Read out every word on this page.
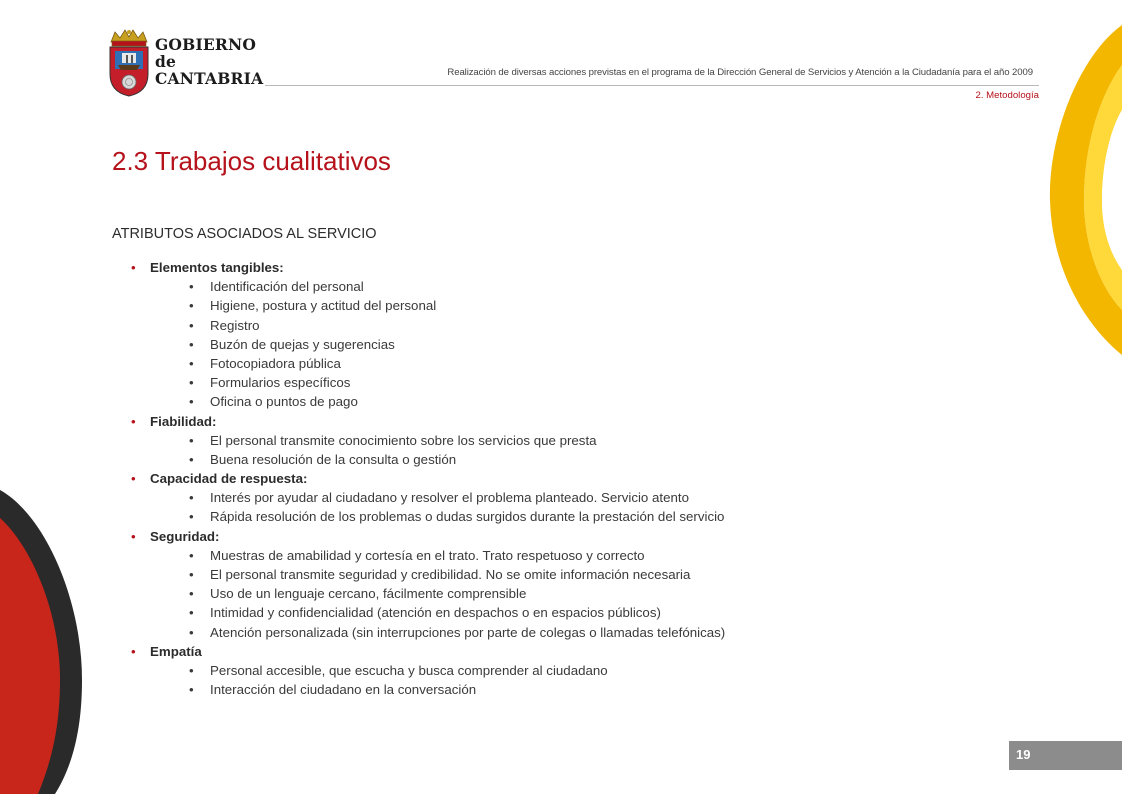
GOBIERNO
de
CANTABRIA	Realización de diversas acciones previstas en el programa de la Dirección General de Servicios y Atención a la Ciudadanía para el año 2009
2. Metodología
2.3 Trabajos cualitativos
ATRIBUTOS ASOCIADOS AL SERVICIO
• Elementos tangibles:
• Identificación del personal
• Higiene, postura y actitud del personal
• Registro
• Buzón de quejas y sugerencias
• Fotocopiadora pública
• Formularios específicos
• Oficina o puntos de pago
• Fiabilidad:
• El personal transmite conocimiento sobre los servicios que presta
• Buena resolución de la consulta o gestión
• Capacidad de respuesta:
• Interés por ayudar al ciudadano y resolver el problema planteado. Servicio atento
• Rápida resolución de los problemas o dudas surgidos durante la prestación del servicio
• Seguridad:
• Muestras de amabilidad y cortesía en el trato. Trato respetuoso y correcto
• El personal transmite seguridad y credibilidad. No se omite información necesaria
• Uso de un lenguaje cercano, fácilmente comprensible
• Intimidad y confidencialidad (atención en despachos o en espacios públicos)
• Atención personalizada (sin interrupciones por parte de colegas o llamadas telefónicas)
• Empatía
• Personal accesible, que escucha y busca comprender al ciudadano
• Interacción del ciudadano en la conversación
19
